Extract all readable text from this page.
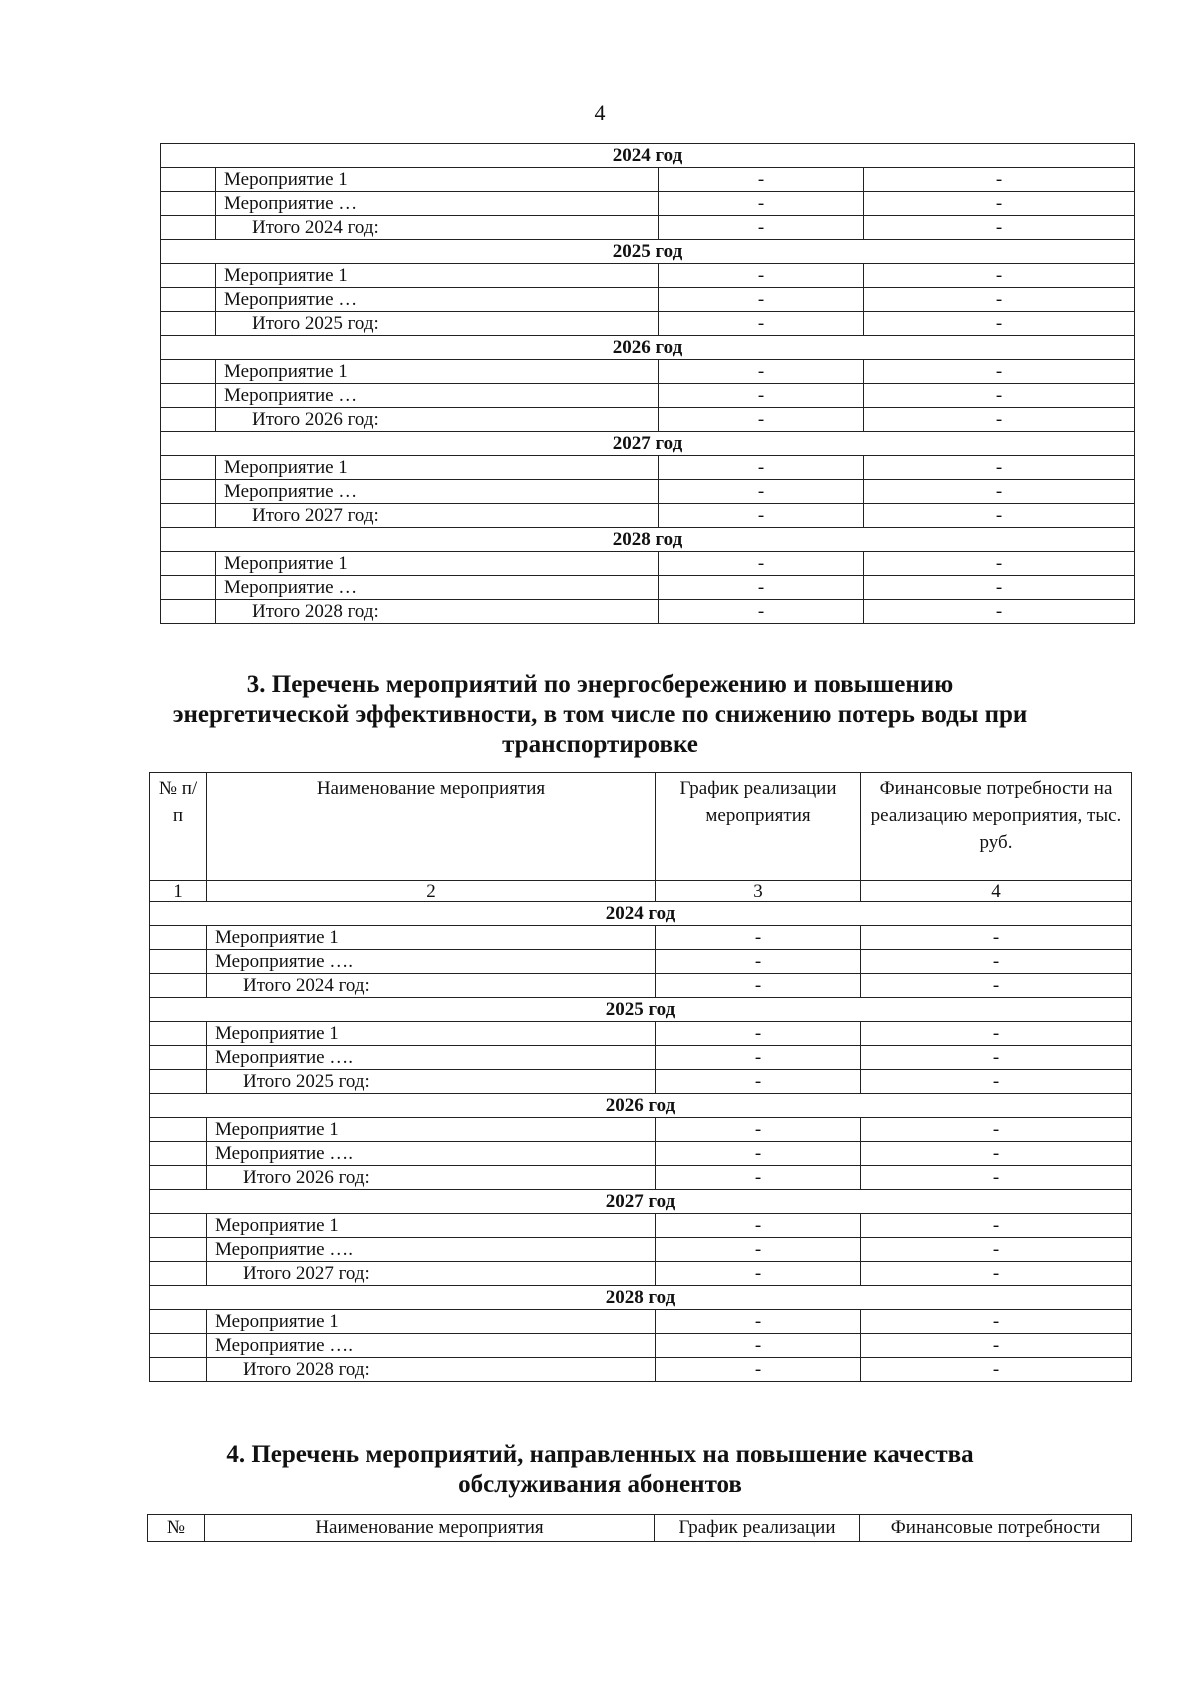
4
2024 год			
	Мероприятие 1	-	-
	Мероприятие …	-	-
	Итого 2024 год:	-	-
2025 год			
	Мероприятие 1	-	-
	Мероприятие …	-	-
	Итого 2025 год:	-	-
2026 год			
	Мероприятие 1	-	-
	Мероприятие …	-	-
	Итого 2026 год:	-	-
2027 год			
	Мероприятие 1	-	-
	Мероприятие …	-	-
	Итого 2027 год:	-	-
2028 год			
	Мероприятие 1	-	-
	Мероприятие …	-	-
	Итого 2028 год:	-	-
3. Перечень мероприятий по энергосбережению и повышению
энергетической эффективности, в том числе по снижению потерь воды при
транспортировке
№ п/п	Наименование мероприятия	График реализации мероприятия	Финансовые потребности на реализацию мероприятия, тыс. руб.
1	2	3	4
2024 год			
	Мероприятие 1	-	-
	Мероприятие ….	-	-
	Итого 2024 год:	-	-
2025 год			
	Мероприятие 1	-	-
	Мероприятие ….	-	-
	Итого 2025 год:	-	-
2026 год			
	Мероприятие 1	-	-
	Мероприятие ….	-	-
	Итого 2026 год:	-	-
2027 год			
	Мероприятие 1	-	-
	Мероприятие ….	-	-
	Итого 2027 год:	-	-
2028 год			
	Мероприятие 1	-	-
	Мероприятие ….	-	-
	Итого 2028 год:	-	-
4. Перечень мероприятий, направленных на повышение качества
обслуживания абонентов
№	Наименование мероприятия	График реализации	Финансовые потребности
